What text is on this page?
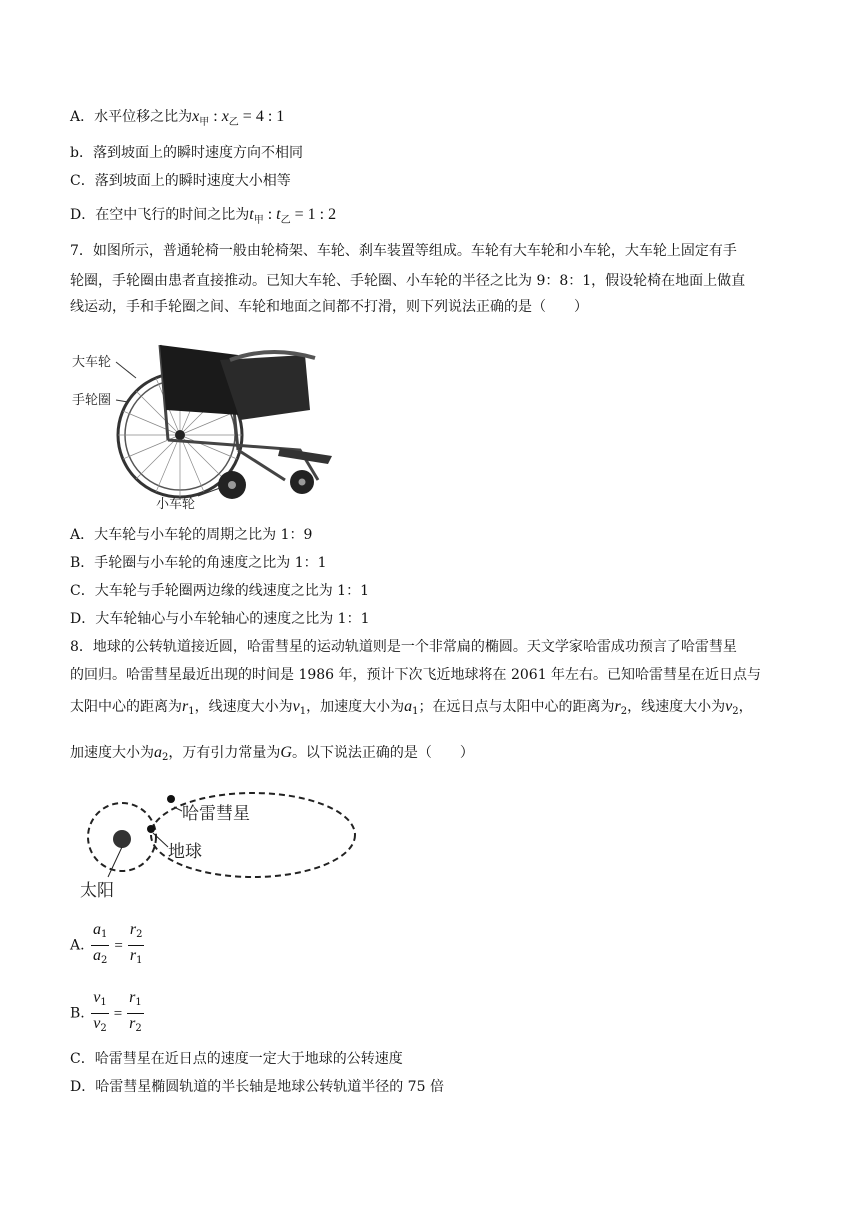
A．水平位移之比为$x_甲$ : $x_乙 = 4$ : 1
b．落到坡面上的瞬时速度方向不相同
C．落到坡面上的瞬时速度大小相等
D．在空中飞行的时间之比为$t_甲$ : $t_乙 = 1$ : 2
7．如图所示，普通轮椅一般由轮椅架、车轮、刹车装置等组成。车轮有大车轮和小车轮，大车轮上固定有手
轮圈，手轮圈由患者直接推动。已知大车轮、手轮圈、小车轮的半径之比为 9：8：1，假设轮椅在地面上做直
线运动，手和手轮圈之间、车轮和地面之间都不打滑，则下列说法正确的是（　　）
大车轮
手轮圈
小车轮
A．大车轮与小车轮的周期之比为 1：9
B．手轮圈与小车轮的角速度之比为 1：1
C．大车轮与手轮圈两边缘的线速度之比为 1：1
D．大车轮轴心与小车轮轴心的速度之比为 1：1
8．地球的公转轨道接近圆，哈雷彗星的运动轨道则是一个非常扁的椭圆。天文学家哈雷成功预言了哈雷彗星
的回归。哈雷彗星最近出现的时间是 1986 年，预计下次飞近地球将在 2061 年左右。已知哈雷彗星在近日点与
太阳中心的距离为$r_1$，线速度大小为$v_1$，加速度大小为$a_1$；在远日点与太阳中心的距离为$r_2$，线速度大小为$v_2$，
加速度大小为$a_2$，万有引力常量为G。以下说法正确的是（　　）
哈雷彗星
地球
太阳
A. $\frac{a_1}{a_2} = \frac{r_2}{r_1}$
B. $\frac{v_1}{v_2} = \frac{r_1}{r_2}$
C．哈雷彗星在近日点的速度一定大于地球的公转速度
D．哈雷彗星椭圆轨道的半长轴是地球公转轨道半径的 75 倍
